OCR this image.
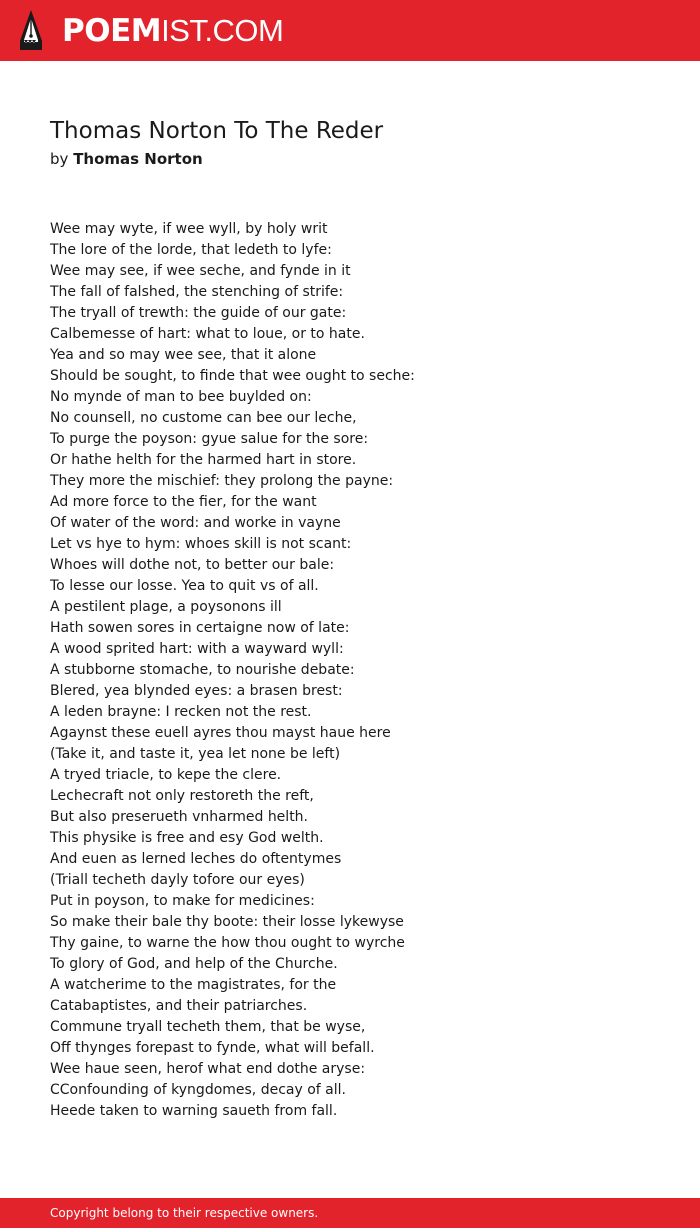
POEMIST.COM
Thomas Norton To The Reder
by Thomas Norton
Wee may wyte, if wee wyll, by holy writ
The lore of the lorde, that ledeth to lyfe:
Wee may see, if wee seche, and fynde in it
The fall of falshed, the stenching of strife:
The tryall of trewth: the guide of our gate:
Calbemesse of hart: what to loue, or to hate.
Yea and so may wee see, that it alone
Should be sought, to finde that wee ought to seche:
No mynde of man to bee buylded on:
No counsell, no custome can bee our leche,
To purge the poyson: gyue salue for the sore:
Or hathe helth for the harmed hart in store.
They more the mischief: they prolong the payne:
Ad more force to the fier, for the want
Of water of the word: and worke in vayne
Let vs hye to hym: whoes skill is not scant:
Whoes will dothe not, to better our bale:
To lesse our losse. Yea to quit vs of all.
A pestilent plage, a poysonons ill
Hath sowen sores in certaigne now of late:
A wood sprited hart: with a wayward wyll:
A stubborne stomache, to nourishe debate:
Blered, yea blynded eyes: a brasen brest:
A leden brayne: I recken not the rest.
Agaynst these euell ayres thou mayst haue here
(Take it, and taste it, yea let none be left)
A tryed triacle, to kepe the clere.
Lechecraft not only restoreth the reft,
But also preserueth vnharmed helth.
This physike is free and esy God welth.
And euen as lerned leches do oftentymes
(Triall techeth dayly tofore our eyes)
Put in poyson, to make for medicines:
So make their bale thy boote: their losse lykewyse
Thy gaine, to warne the how thou ought to wyrche
To glory of God, and help of the Churche.
A watcherime to the magistrates, for the
Catabaptistes, and their patriarches.
Commune tryall techeth them, that be wyse,
Off thynges forepast to fynde, what will befall.
Wee haue seen, herof what end dothe aryse:
CConfounding of kyngdomes, decay of all.
Heede taken to warning saueth from fall.
Copyright belong to their respective owners.
